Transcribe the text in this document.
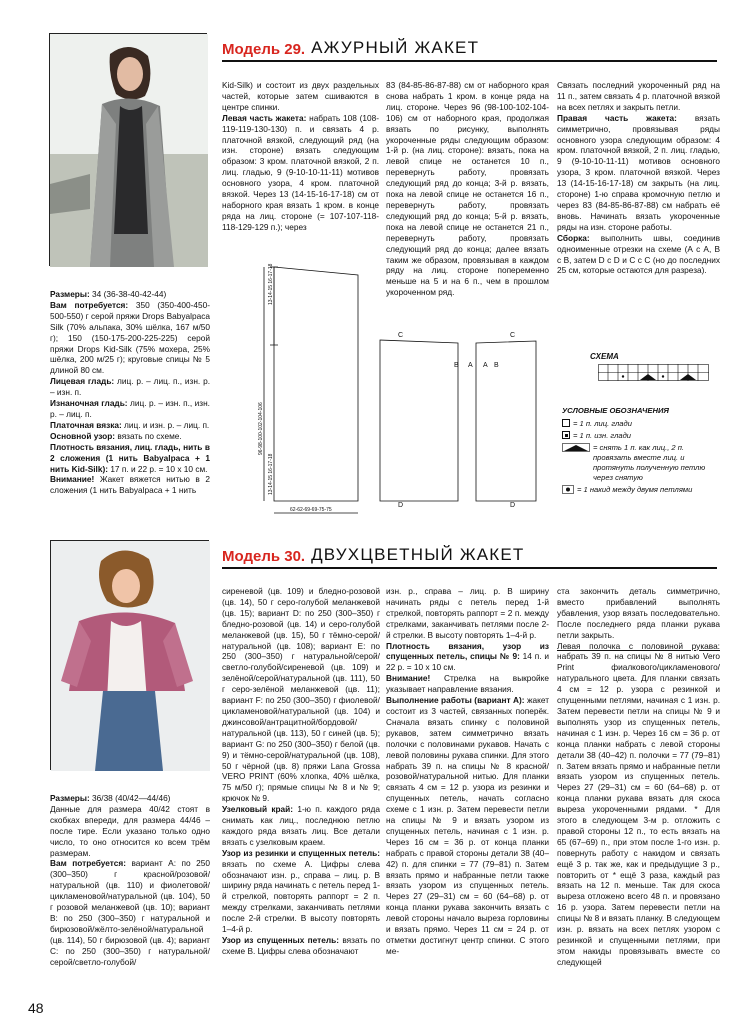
Модель 29. АЖУРНЫЙ ЖАКЕТ

Размеры: 34 (36-38-40-42-44)

Вам потребуется: 350 (350-400-450-500-550) г серой пряжи Drops Babyalpaca Silk (70% альпака, 30% шёлка, 167 м/50 г); 150 (150-175-200-225-225) серой пряжи Drops Kid-Silk (75% мохера, 25% шёлка, 200 м/25 г); круговые спицы № 5 длиной 80 см.

Лицевая гладь: лиц. р. – лиц. п., изн. р. – изн. п.

Изнаночная гладь: лиц. р. – изн. п., изн. р. – лиц. п.

Платочная вязка: лиц. и изн. р. – лиц. п.

Основной узор: вязать по схеме.

Плотность вязания, лиц. гладь, нить в 2 сложения (1 нить Babyalpaca + 1 нить Kid-Silk): 17 п. и 22 р. = 10 х 10 см.

Внимание! Жакет вяжется нитью в 2 сложения (1 нить Babyalpaca + 1 нить

Kid-Silk) и состоит из двух раздельных частей, которые затем сшиваются в центре спинки.

Левая часть жакета: набрать 108 (108-119-119-130-130) п. и связать 4 р. платочной вязкой, следующий ряд (на изн. стороне) вязать следующим образом: 3 кром. платочной вязкой, 2 п. лиц. гладью, 9 (9-10-10-11-11) мотивов основного узора, 4 кром. платочной вязкой. Через 13 (14-15-16-17-18) см от наборного края вязать 1 кром. в конце ряда на лиц. стороне (= 107-107-118-118-129-129 п.); через

83 (84-85-86-87-88) см от наборного края снова набрать 1 кром. в конце ряда на лиц. стороне. Через 96 (98-100-102-104-106) см от наборного края, продолжая вязать по рисунку, выполнять укороченные ряды следующим образом: 1-й р. (на лиц. стороне): вязать, пока на левой спице не останется 10 п., перевернуть работу, провязать следующий ряд до конца; 3-й р. вязать, пока на левой спице не останется 16 п., перевернуть работу, провязать следующий ряд до конца; 5-й р. вязать, пока на левой спице не останется 21 п., перевернуть работу, провязать следующий ряд до конца; далее вязать таким же образом, провязывая в каждом ряду на лиц. стороне попеременно меньше на 5 и на 6 п., чем в прошлом укороченном ряд.

Связать последний укороченный ряд на 11 п., затем связать 4 р. платочной вязкой на всех петлях и закрыть петли.

Правая часть жакета: вязать симметрично, провязывая ряды основного узора следующим образом: 4 кром. платочной вязкой, 2 п. лиц. гладью, 9 (9-10-10-11-11) мотивов основного узора, 3 кром. платочной вязкой. Через 13 (14-15-16-17-18) см закрыть (на лиц. стороне) 1-ю справа кромочную петлю и через 83 (84-85-86-87-88) см набрать её вновь. Начинать вязать укороченные ряды на изн. стороне работы.

Сборка: выполнить швы, соединив одноименные отрезки на схеме (А с А, В с В, затем D с D и С с С (но до последних 25 см, которые остаются для разреза).

C	C
B A A B
D	D
13-14-15 16-17-18
96-98-100-102-104-106
13-14-15 16-17-18
62-62-69-69-75-75
СХЕМА
УСЛОВНЫЕ ОБОЗНАЧЕНИЯ
= 1 п. лиц. глади
= 1 п. изн. глади
= снять 1 п. как лиц., 2 п. провязать вместе лиц. и протянуть полученную петлю через снятую
= 1 накид между двумя петлями
Модель 30. ДВУХЦВЕТНЫЙ ЖАКЕТ

Размеры: 36/38 (40/42—44/46)

Данные для размера 40/42 стоят в скобках впереди, для размера 44/46 – после тире. Если указано только одно число, то оно относится ко всем трём размерам.

Вам потребуется: вариант А: по 250 (300–350) г красной/розовой/натуральной (цв. 110) и фиолетовой/цикламеновой/натуральной (цв. 104), 50 г розовой меланжевой (цв. 10); вариант В: по 250 (300–350) г натуральной и бирюзовой/жёлто-зелёной/натуральной (цв. 114), 50 г бирюзовой (цв. 4); вариант С: по 250 (300–350) г натуральной/серой/светло-голубой/

сиреневой (цв. 109) и бледно-розовой (цв. 14), 50 г серо-голубой меланжевой (цв. 15); вариант D: по 250 (300–350) г бледно-розовой (цв. 14) и серо-голубой меланжевой (цв. 15), 50 г тёмно-серой/натуральной (цв. 108); вариант Е: по 250 (300–350) г натуральной/серой/светло-голубой/сиреневой (цв. 109) и зелёной/серой/натуральной (цв. 111), 50 г серо-зелёной меланжевой (цв. 11); вариант F: по 250 (300–350) г фиолевой/цикламеновой/натуральной (цв. 104) и джинсовой/антрацитной/бордовой/натуральной (цв. 113), 50 г синей (цв. 5); вариант G: по 250 (300–350) г белой (цв. 9) и тёмно-серой/натуральной (цв. 108), 50 г чёрной (цв. 8) пряжи Lana Grossa VERO PRINT (60% хлопка, 40% шёлка, 75 м/50 г); прямые спицы № 8 и № 9; крючок № 9.

Узелковый край: 1-ю п. каждого ряда снимать как лиц., последнюю петлю каждого ряда вязать лиц. Все детали вязать с узелковым краем.

Узор из резинки и спущенных петель: вязать по схеме А. Цифры слева обозначают изн. р., справа – лиц. р. В ширину ряда начинать с петель перед 1-й стрелкой, повторять раппорт = 2 п. между стрелками, заканчивать петлями после 2-й стрелки. В высоту повторять 1–4-й р.

Узор из спущенных петель: вязать по схеме В. Цифры слева обозначают

изн. р., справа – лиц. р. В ширину начинать ряды с петель перед 1-й стрелкой, повторять раппорт = 2 п. между стрелками, заканчивать петлями после 2-й стрелки. В высоту повторять 1–4-й р.

Плотность вязания, узор из спущенных петель, спицы № 9: 14 п. и 22 р. = 10 х 10 см.

Внимание! Стрелка на выкройке указывает направление вязания.

Выполнение работы (вариант А): жакет состоит из 3 частей, связанных поперёк. Сначала вязать спинку с половиной рукавов, затем симметрично вязать полочки с половинами рукавов. Начать с левой половины рукава спинки. Для этого набрать 39 п. на спицы № 8 красной/розовой/натуральной нитью. Для планки связать 4 см = 12 р. узора из резинки и спущенных петель, начать согласно схеме с 1 изн. р. Затем перевести петли на спицы № 9 и вязать узором из спущенных петель, начиная с 1 изн. р. Через 16 см = 36 р. от конца планки набрать с правой стороны детали 38 (40–42) п. для спинки = 77 (79–81) п. Затем вязать прямо и набранные петли также вязать узором из спущенных петель. Через 27 (29–31) см = 60 (64–68) р. от конца планки рукава закончить вязать с левой стороны начало выреза горловины и вязать прямо. Через 11 см = 24 р. от отметки достигнут центр спинки. С этого ме-

ста закончить деталь симметрично, вместо прибавлений выполнять убавления, узор вязать последовательно. После последнего ряда планки рукава петли закрыть.

Левая полочка с половиной рукава: набрать 39 п. на спицы № 8 нитью Vero Print фиалкового/цикламенового/натурального цвета. Для планки связать 4 см = 12 р. узора с резинкой и спущенными петлями, начиная с 1 изн. р. Затем перевести петли на спицы № 9 и выполнять узор из спущенных петель, начиная с 1 изн. р. Через 16 см = 36 р. от конца планки набрать с левой стороны детали 38 (40–42) п. полочки = 77 (79–81) п. Затем вязать прямо и набранные петли вязать узором из спущенных петель. Через 27 (29–31) см = 60 (64–68) р. от конца планки рукава вязать для скоса выреза укороченными рядами. * Для этого в следующем 3-м р. отложить с правой стороны 12 п., то есть вязать на 65 (67–69) п., при этом после 1-го изн. р. повернуть работу с накидом и связать ещё 3 р. так же, как и предыдущие 3 р., повторить от * ещё 3 раза, каждый раз вязать на 12 п. меньше. Так для скоса выреза отложено всего 48 п. и провязано 16 р. узора. Затем перевести петли на спицы № 8 и вязать планку. В следующем изн. р. вязать на всех петлях узором с резинкой и спущенными петлями, при этом накиды провязывать вместе со следующей

48
